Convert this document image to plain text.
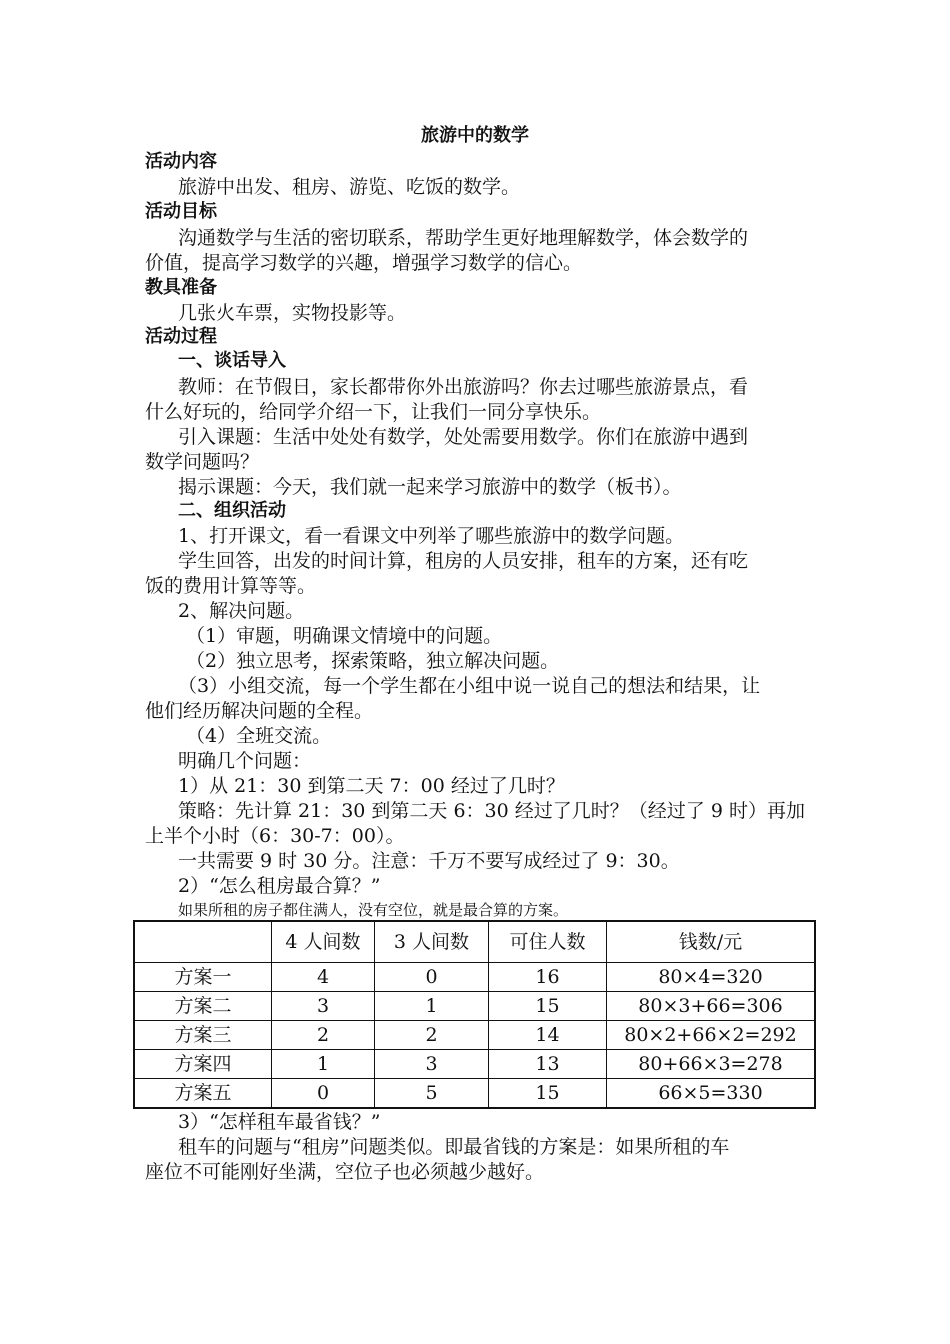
旅游中的数学
活动内容
旅游中出发、租房、游览、吃饭的数学。
活动目标
沟通数学与生活的密切联系，帮助学生更好地理解数学，体会数学的
价值，提高学习数学的兴趣，增强学习数学的信心。
教具准备
几张火车票，实物投影等。
活动过程
一、谈话导入
教师：在节假日，家长都带你外出旅游吗？你去过哪些旅游景点，看
什么好玩的，给同学介绍一下，让我们一同分享快乐。
引入课题：生活中处处有数学，处处需要用数学。你们在旅游中遇到
数学问题吗？
揭示课题：今天，我们就一起来学习旅游中的数学（板书）。
二、组织活动
1、打开课文，看一看课文中列举了哪些旅游中的数学问题。
学生回答，出发的时间计算，租房的人员安排，租车的方案，还有吃
饭的费用计算等等。
2、解决问题。
（1）审题，明确课文情境中的问题。
（2）独立思考，探索策略，独立解决问题。
（3）小组交流，每一个学生都在小组中说一说自己的想法和结果，让
他们经历解决问题的全程。
（4）全班交流。
明确几个问题：
1）从 21：30 到第二天 7：00 经过了几时？
策略：先计算 21：30 到第二天 6：30 经过了几时？（经过了 9 时）再加
上半个小时（6：30-7：00）。
一共需要 9 时 30 分。注意：千万不要写成经过了 9：30。
2）“怎么租房最合算？”
如果所租的房子都住满人，没有空位，就是最合算的方案。
	4 人间数	3 人间数	可住人数	钱数/元
方案一	4	0	16	80×4=320
方案二	3	1	15	80×3+66=306
方案三	2	2	14	80×2+66×2=292
方案四	1	3	13	80+66×3=278
方案五	0	5	15	66×5=330
3）“怎样租车最省钱？”
租车的问题与“租房”问题类似。即最省钱的方案是：如果所租的车
座位不可能刚好坐满，空位子也必须越少越好。
